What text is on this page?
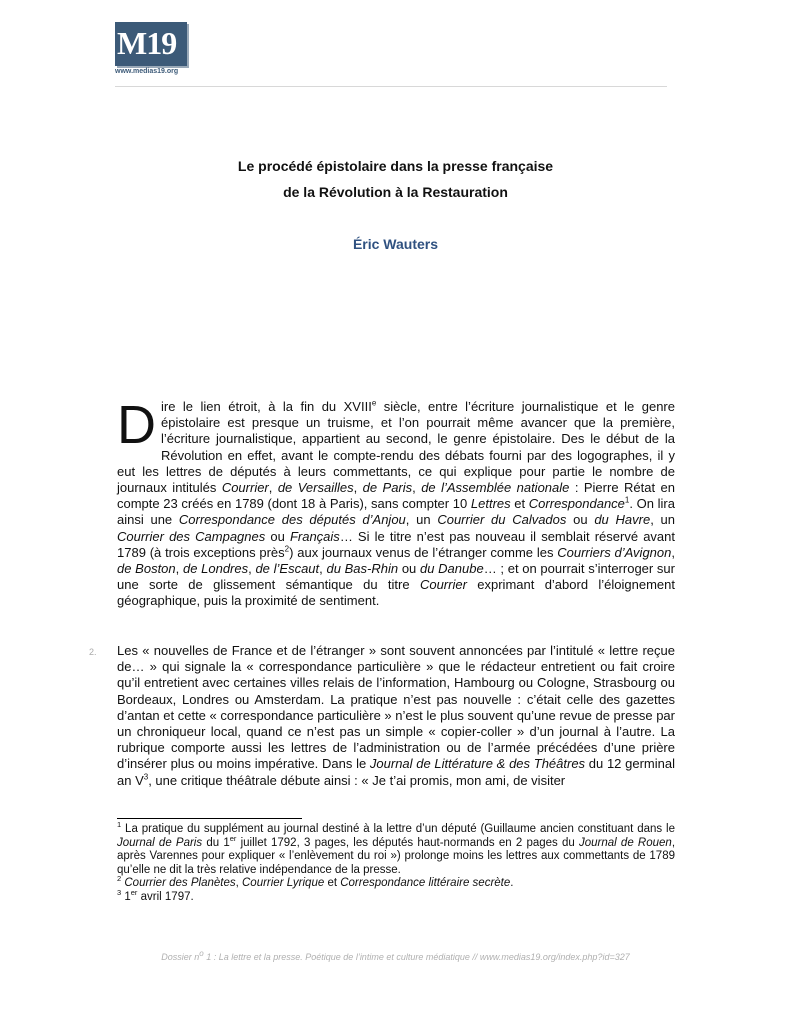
M19
www.medias19.org
Le procédé épistolaire dans la presse française
de la Révolution à la Restauration
Éric Wauters
Dire le lien étroit, à la fin du XVIIIe siècle, entre l’écriture journalistique et le genre épistolaire est presque un truisme, et l’on pourrait même avancer que la première, l’écriture journalistique, appartient au second, le genre épistolaire. Des le début de la Révolution en effet, avant le compte-rendu des débats fourni par des logographes, il y eut les lettres de députés à leurs commettants, ce qui explique pour partie le nombre de journaux intitulés Courrier, de Versailles, de Paris, de l’Assemblée nationale : Pierre Rétat en compte 23 créés en 1789 (dont 18 à Paris), sans compter 10 Lettres et Correspondance$^1$. On lira ainsi une Correspondance des députés d’Anjou, un Courrier du Calvados ou du Havre, un Courrier des Campagnes ou Français… Si le titre n’est pas nouveau il semblait réservé avant 1789 (à trois exceptions près$^2$) aux journaux venus de l’étranger comme les Courriers d’Avignon, de Boston, de Londres, de l’Escaut, du Bas-Rhin ou du Danube… ; et on pourrait s’interroger sur une sorte de glissement sémantique du titre Courrier exprimant d’abord l’éloignement géographique, puis la proximité de sentiment.
2. Les « nouvelles de France et de l’étranger » sont souvent annoncées par l’intitulé « lettre reçue de… » qui signale la « correspondance particulière » que le rédacteur entretient ou fait croire qu’il entretient avec certaines villes relais de l’information, Hambourg ou Cologne, Strasbourg ou Bordeaux, Londres ou Amsterdam. La pratique n’est pas nouvelle : c’était celle des gazettes d’antan et cette « correspondance particulière » n’est le plus souvent qu’une revue de presse par un chroniqueur local, quand ce n’est pas un simple « copier-coller » d’un journal à l’autre. La rubrique comporte aussi les lettres de l’administration ou de l’armée précédées d’une prière d’insérer plus ou moins impérative. Dans le Journal de Littérature & des Théâtres du 12 germinal an $V^3$, une critique théâtrale débute ainsi : « Je t’ai promis, mon ami, de visiter

$^1$ La pratique du supplément au journal destiné à la lettre d’un député (Guillaume ancien constituant dans le Journal de Paris du 1er juillet 1792, 3 pages, les députés haut-normands en 2 pages du Journal de Rouen, après Varennes pour expliquer « l’enlèvement du roi ») prolonge moins les lettres aux commettants de 1789 qu’elle ne dit la très relative indépendance de la presse.

$^2$ Courrier des Planètes, Courrier Lyrique et Correspondance littéraire secrète.

$^3$ 1er avril 1797.

Dossier $n^o$ 1 : La lettre et la presse. Poétique de l’intime et culture médiatique // www.medias19.org/index.php?id=327
